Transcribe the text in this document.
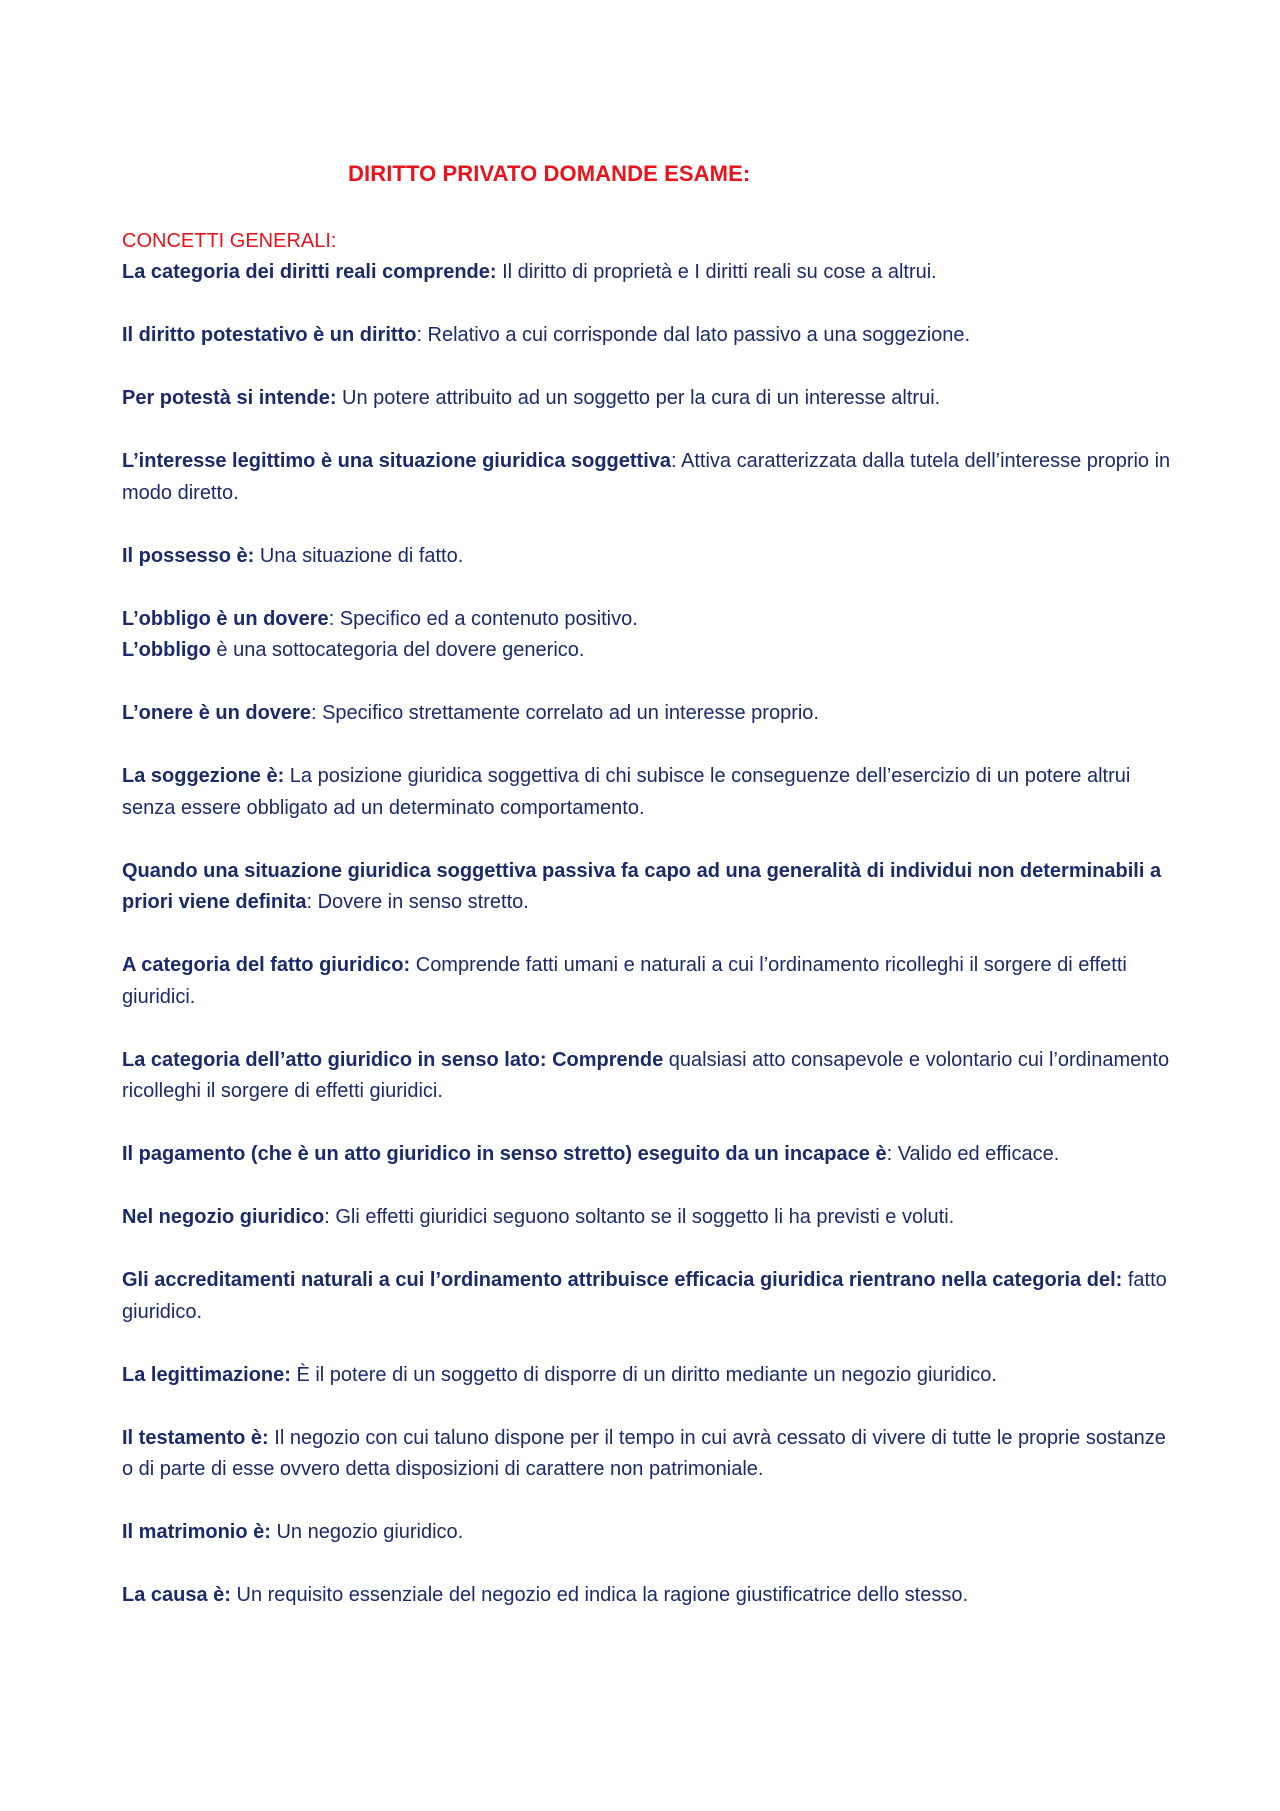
DIRITTO PRIVATO DOMANDE ESAME:
CONCETTI GENERALI:
La categoria dei diritti reali comprende: Il diritto di proprietà e I diritti reali su cose a altrui.
Il diritto potestativo è un diritto: Relativo a cui corrisponde dal lato passivo a una soggezione.
Per potestà si intende: Un potere attribuito ad un soggetto per la cura di un interesse altrui.
L’interesse legittimo è una situazione giuridica soggettiva: Attiva caratterizzata dalla tutela dell’interesse proprio in modo diretto.
Il possesso è: Una situazione di fatto.
L’obbligo è un dovere: Specifico ed a contenuto positivo.
L’obbligo è una sottocategoria del dovere generico.
L’onere è un dovere: Specifico strettamente correlato ad un interesse proprio.
La soggezione è: La posizione giuridica soggettiva di chi subisce le conseguenze dell’esercizio di un potere altrui senza essere obbligato ad un determinato comportamento.
Quando una situazione giuridica soggettiva passiva fa capo ad una generalità di individui non determinabili a priori viene definita: Dovere in senso stretto.
A categoria del fatto giuridico: Comprende fatti umani e naturali a cui l’ordinamento ricolleghi il sorgere di effetti giuridici.
La categoria dell’atto giuridico in senso lato: Comprende qualsiasi atto consapevole e volontario cui l’ordinamento ricolleghi il sorgere di effetti giuridici.
Il pagamento (che è un atto giuridico in senso stretto) eseguito da un incapace è: Valido ed efficace.
Nel negozio giuridico: Gli effetti giuridici seguono soltanto se il soggetto li ha previsti e voluti.
Gli accreditamenti naturali a cui l’ordinamento attribuisce efficacia giuridica rientrano nella categoria del: fatto giuridico.
La legittimazione: È il potere di un soggetto di disporre di un diritto mediante un negozio giuridico.
Il testamento è: Il negozio con cui taluno dispone per il tempo in cui avrà cessato di vivere di tutte le proprie sostanze o di parte di esse ovvero detta disposizioni di carattere non patrimoniale.
Il matrimonio è: Un negozio giuridico.
La causa è: Un requisito essenziale del negozio ed indica la ragione giustificatrice dello stesso.
